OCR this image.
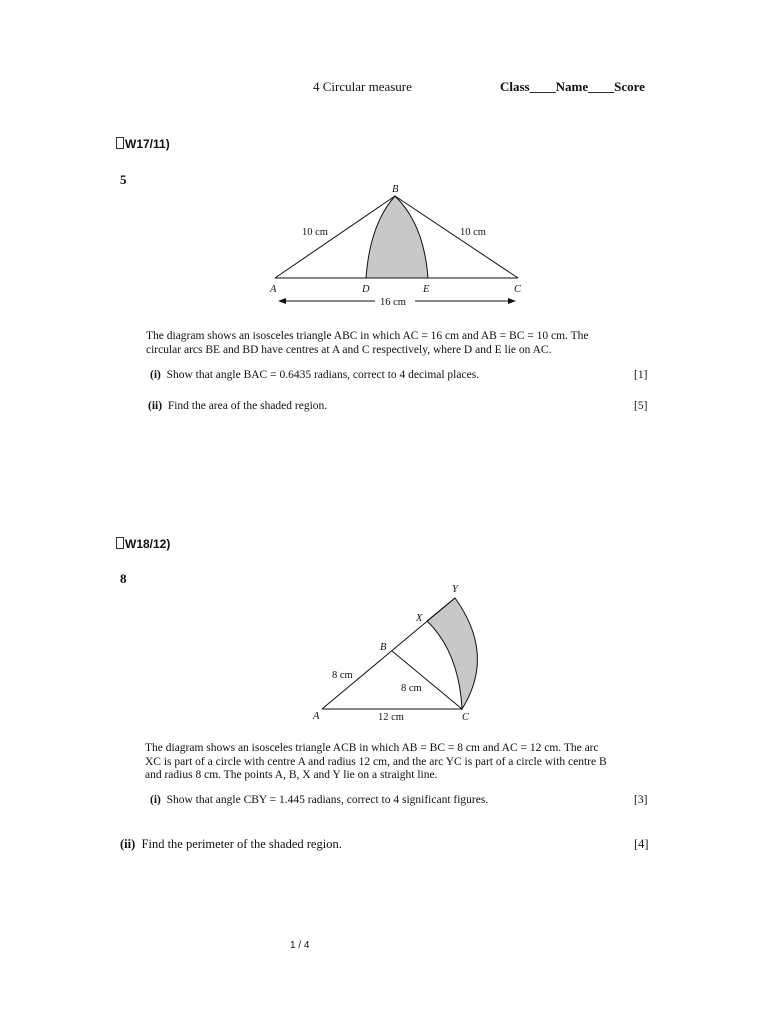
4 Circular measure	Class____Name____Score
W17/11)
5
B
A	D	E	C
10 cm	10 cm
16 cm
The diagram shows an isosceles triangle ABC in which AC = 16 cm and AB = BC = 10 cm. The
circular arcs BE and BD have centres at A and C respectively, where D and E lie on AC.
(i) Show that angle BAC = 0.6435 radians, correct to 4 decimal places.	[1]
(ii) Find the area of the shaded region.	[5]
W18/12)
8
Y
X
B
A	C
8 cm
8 cm
12 cm
The diagram shows an isosceles triangle ACB in which AB = BC = 8 cm and AC = 12 cm. The arc
XC is part of a circle with centre A and radius 12 cm, and the arc YC is part of a circle with centre B
and radius 8 cm. The points A, B, X and Y lie on a straight line.
(i) Show that angle CBY = 1.445 radians, correct to 4 significant figures.	[3]
(ii) Find the perimeter of the shaded region.	[4]
1 / 4
